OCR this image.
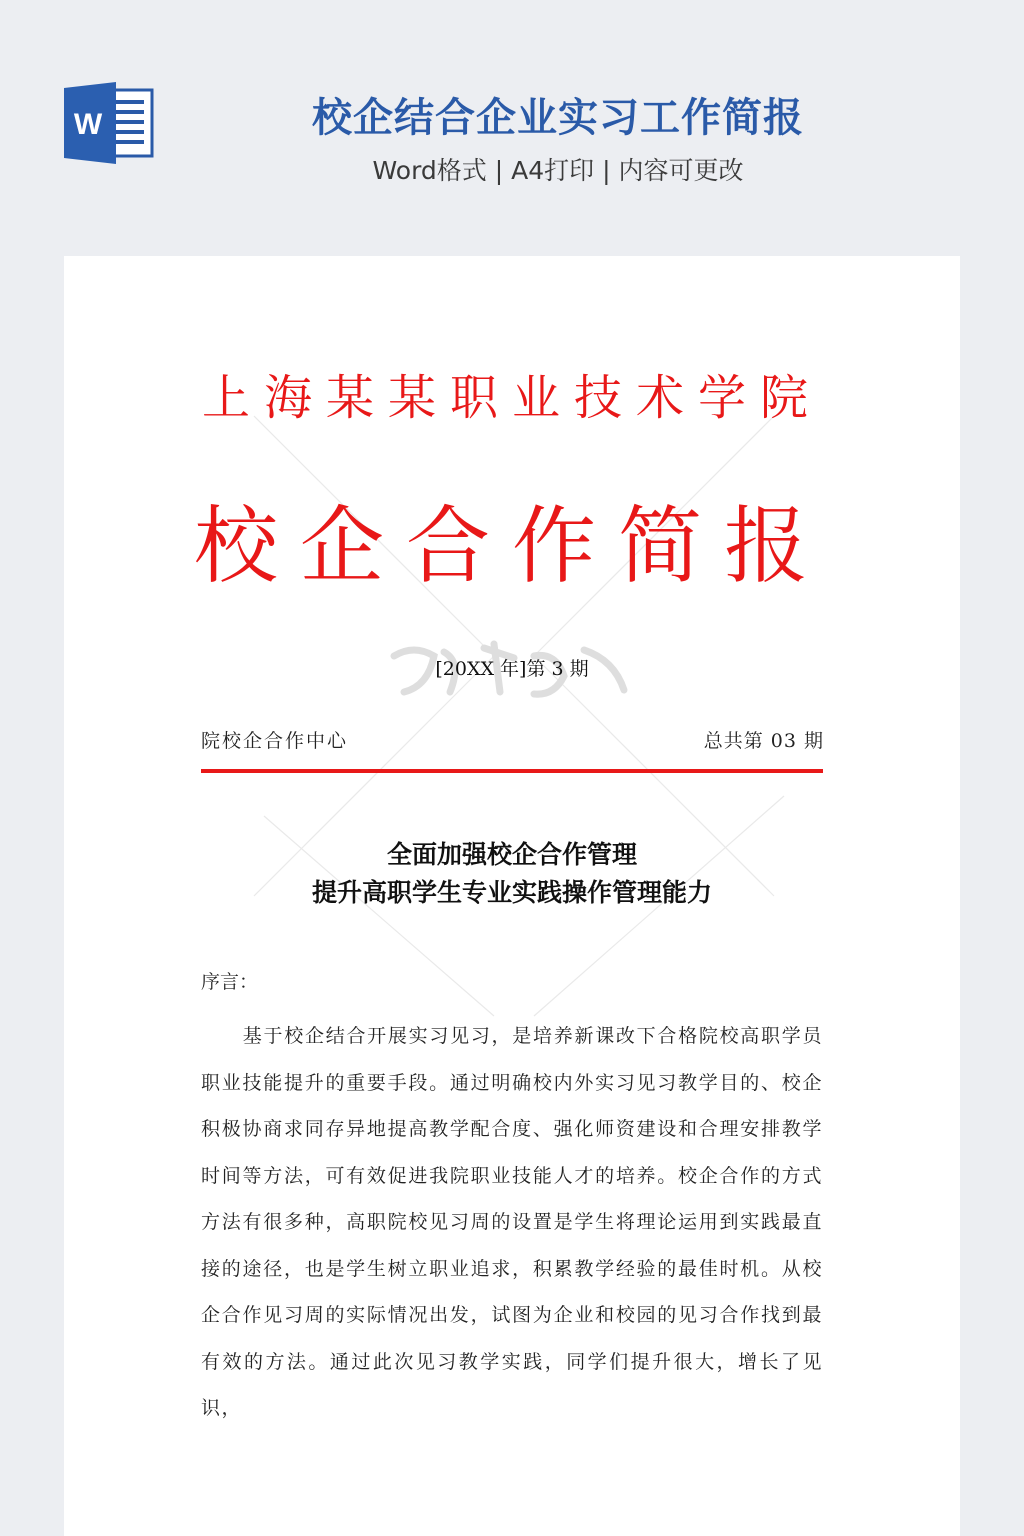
W	校企结合企业实习工作简报
Word格式 | A4打印 | 内容可更改
上海某某职业技术学院
校企合作简报
[20XX 年]第 3 期
院校企合作中心	总共第 03 期
全面加强校企合作管理
提升高职学生专业实践操作管理能力
序言：

基于校企结合开展实习见习，是培养新课改下合格院校高职学员职业技能提升的重要手段。通过明确校内外实习见习教学目的、校企积极协商求同存异地提高教学配合度、强化师资建设和合理安排教学时间等方法，可有效促进我院职业技能人才的培养。校企合作的方式方法有很多种，高职院校见习周的设置是学生将理论运用到实践最直接的途径，也是学生树立职业追求，积累教学经验的最佳时机。从校企合作见习周的实际情况出发，试图为企业和校园的见习合作找到最有效的方法。通过此次见习教学实践，同学们提升很大，增长了见识，
